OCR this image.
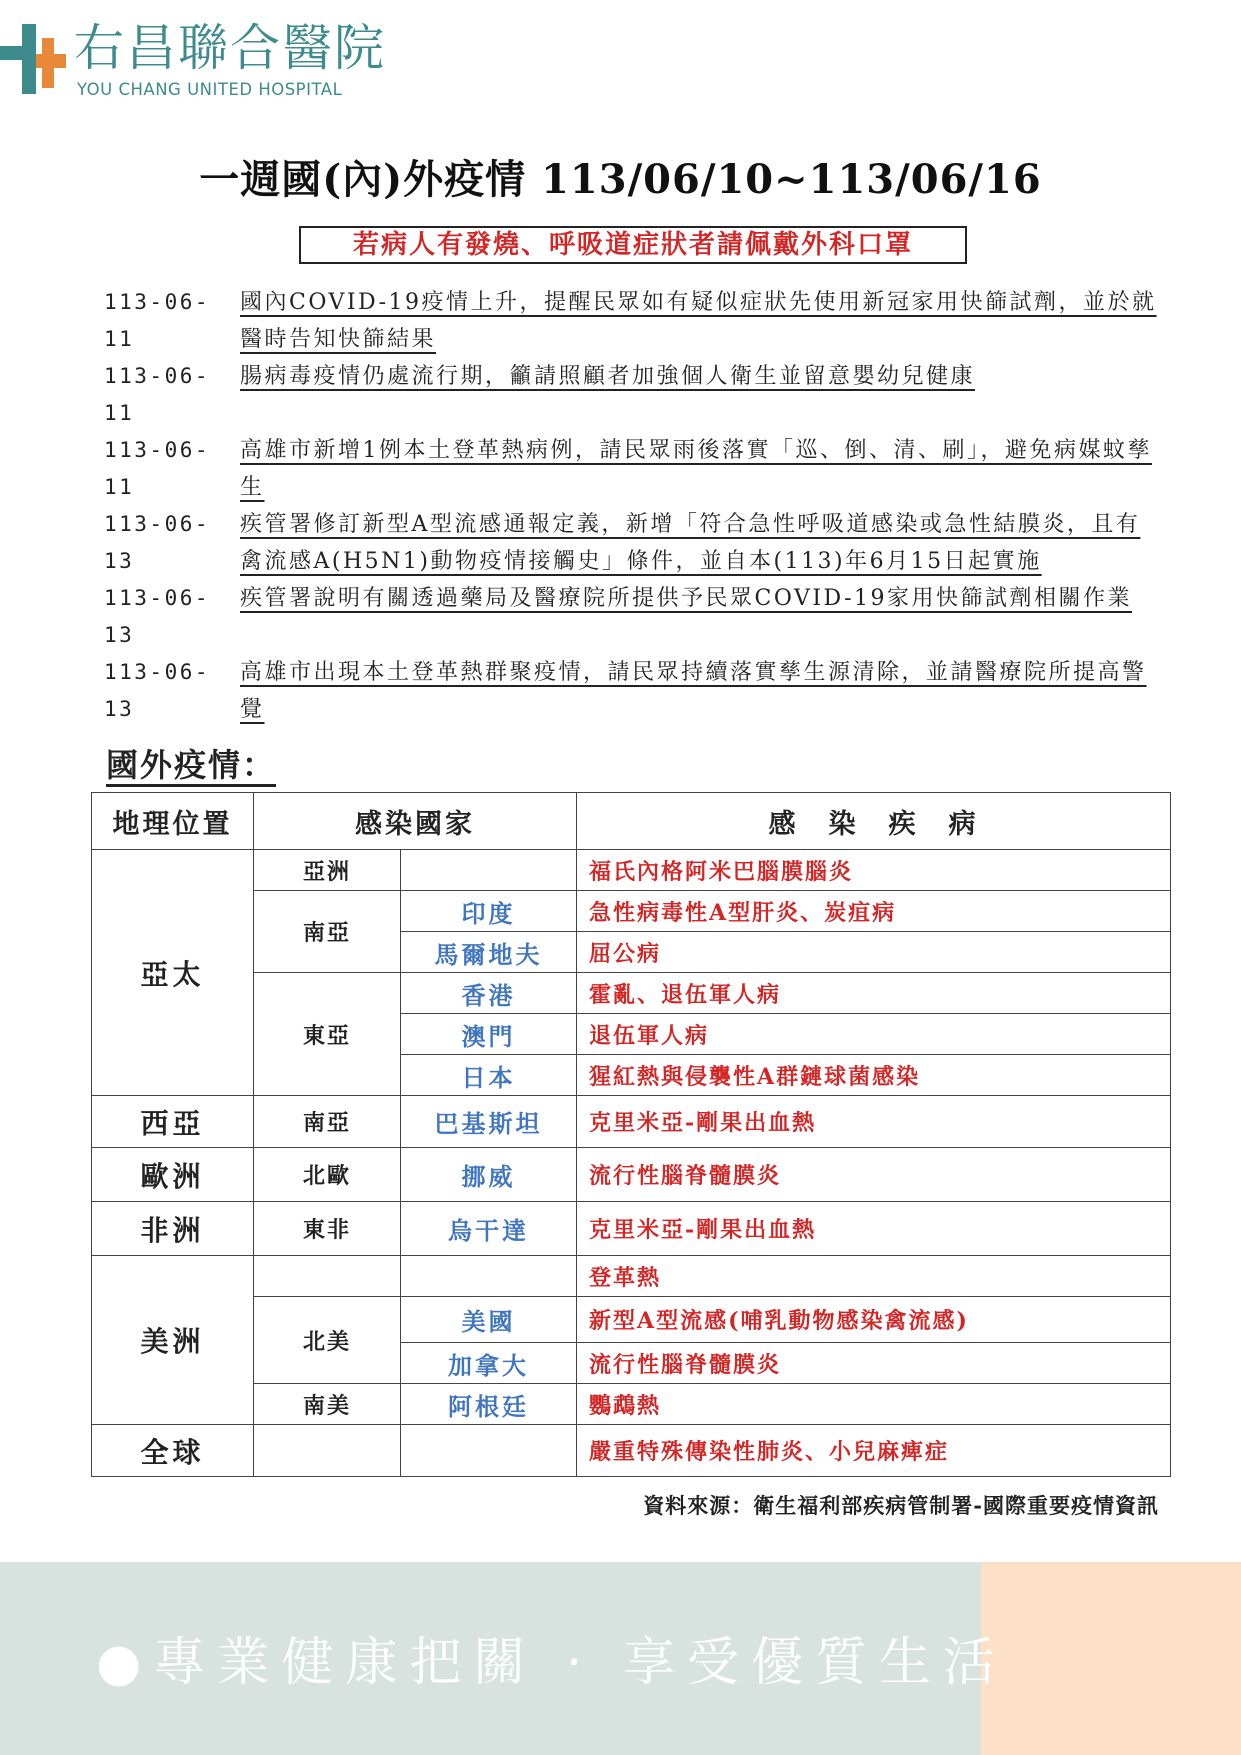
右昌聯合醫院
YOU CHANG UNITED HOSPITAL
一週國(內)外疫情 113/06/10~113/06/16
若病人有發燒、呼吸道症狀者請佩戴外科口罩
113-06-11
國內COVID-19疫情上升，提醒民眾如有疑似症狀先使用新冠家用快篩試劑，並於就醫時告知快篩結果
113-06-11
腸病毒疫情仍處流行期，籲請照顧者加強個人衛生並留意嬰幼兒健康
113-06-11
高雄市新增1例本土登革熱病例，請民眾雨後落實「巡、倒、清、刷」，避免病媒蚊孳生
113-06-13
疾管署修訂新型A型流感通報定義，新增「符合急性呼吸道感染或急性結膜炎，且有禽流感A(H5N1)動物疫情接觸史」條件，並自本(113)年6月15日起實施
113-06-13
疾管署說明有關透過藥局及醫療院所提供予民眾COVID-19家用快篩試劑相關作業
113-06-13
高雄市出現本土登革熱群聚疫情，請民眾持續落實孳生源清除，並請醫療院所提高警覺
國外疫情：
地理位置	感染國家		感　染　疾　病
亞太	亞洲		福氏內格阿米巴腦膜腦炎
	南亞	印度	急性病毒性A型肝炎、炭疽病
		馬爾地夫	屈公病
	東亞	香港	霍亂、退伍軍人病
		澳門	退伍軍人病
		日本	猩紅熱與侵襲性A群鏈球菌感染
西亞	南亞	巴基斯坦	克里米亞-剛果出血熱
歐洲	北歐	挪威	流行性腦脊髓膜炎
非洲	東非	烏干達	克里米亞-剛果出血熱
美洲			登革熱
	北美	美國	新型A型流感(哺乳動物感染禽流感)
		加拿大	流行性腦脊髓膜炎
	南美	阿根廷	鸚鵡熱
全球			嚴重特殊傳染性肺炎、小兒麻痺症
資料來源：衛生福利部疾病管制署-國際重要疫情資訊
●專業健康把關 · 享受優質生活
